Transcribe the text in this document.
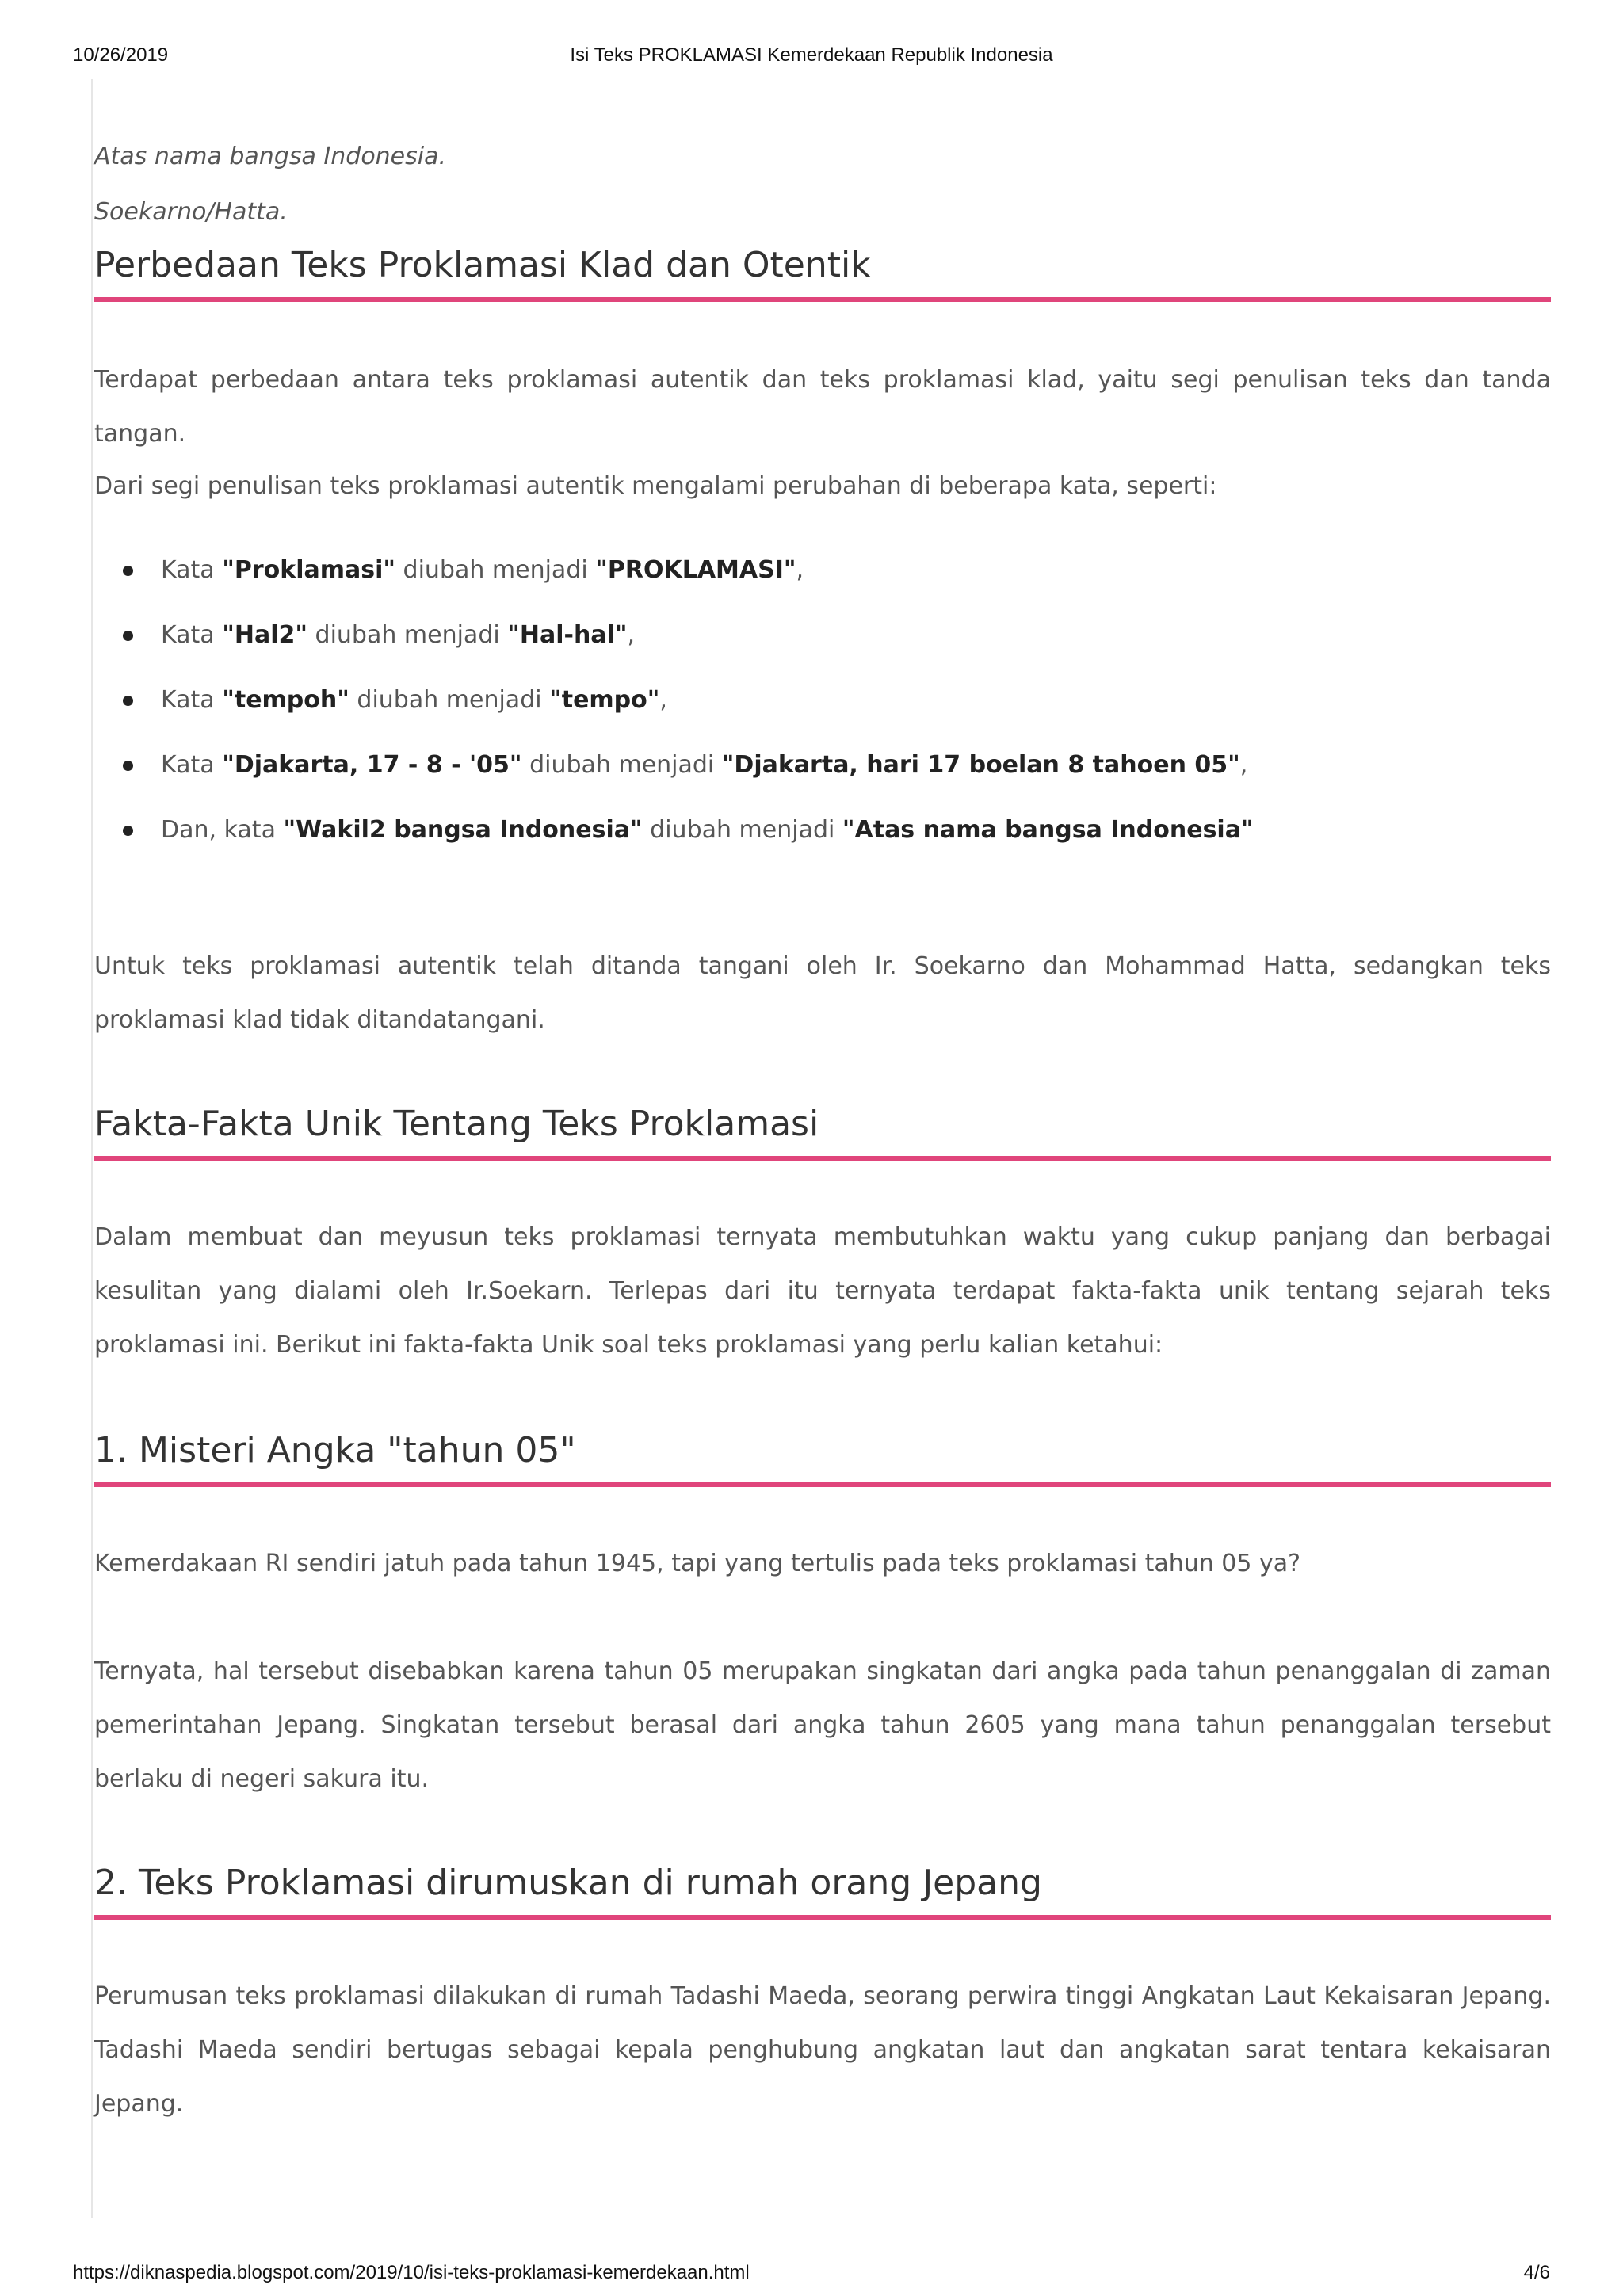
10/26/2019	Isi Teks PROKLAMASI Kemerdekaan Republik Indonesia
Atas nama bangsa Indonesia.
Soekarno/Hatta.
Perbedaan Teks Proklamasi Klad dan Otentik

Terdapat perbedaan antara teks proklamasi autentik dan teks proklamasi klad, yaitu segi penulisan teks dan tanda tangan.

Dari segi penulisan teks proklamasi autentik mengalami perubahan di beberapa kata, seperti:

Kata "Proklamasi" diubah menjadi "PROKLAMASI",
Kata "Hal2" diubah menjadi "Hal-hal",
Kata "tempoh" diubah menjadi "tempo",
Kata "Djakarta, 17 - 8 - '05" diubah menjadi "Djakarta, hari 17 boelan 8 tahoen 05",
Dan, kata "Wakil2 bangsa Indonesia" diubah menjadi "Atas nama bangsa Indonesia"

Untuk teks proklamasi autentik telah ditanda tangani oleh Ir. Soekarno dan Mohammad Hatta, sedangkan teks proklamasi klad tidak ditandatangani.

Fakta-Fakta Unik Tentang Teks Proklamasi

Dalam membuat dan meyusun teks proklamasi ternyata membutuhkan waktu yang cukup panjang dan berbagai kesulitan yang dialami oleh Ir.Soekarn. Terlepas dari itu ternyata terdapat fakta-fakta unik tentang sejarah teks proklamasi ini. Berikut ini fakta-fakta Unik soal teks proklamasi yang perlu kalian ketahui:

1. Misteri Angka "tahun 05"

Kemerdakaan RI sendiri jatuh pada tahun 1945, tapi yang tertulis pada teks proklamasi tahun 05 ya?

Ternyata, hal tersebut disebabkan karena tahun 05 merupakan singkatan dari angka pada tahun penanggalan di zaman pemerintahan Jepang. Singkatan tersebut berasal dari angka tahun 2605 yang mana tahun penanggalan tersebut berlaku di negeri sakura itu.

2. Teks Proklamasi dirumuskan di rumah orang Jepang

Perumusan teks proklamasi dilakukan di rumah Tadashi Maeda, seorang perwira tinggi Angkatan Laut Kekaisaran Jepang. Tadashi Maeda sendiri bertugas sebagai kepala penghubung angkatan laut dan angkatan sarat tentara kekaisaran Jepang.

https://diknaspedia.blogspot.com/2019/10/isi-teks-proklamasi-kemerdekaan.html	4/6
